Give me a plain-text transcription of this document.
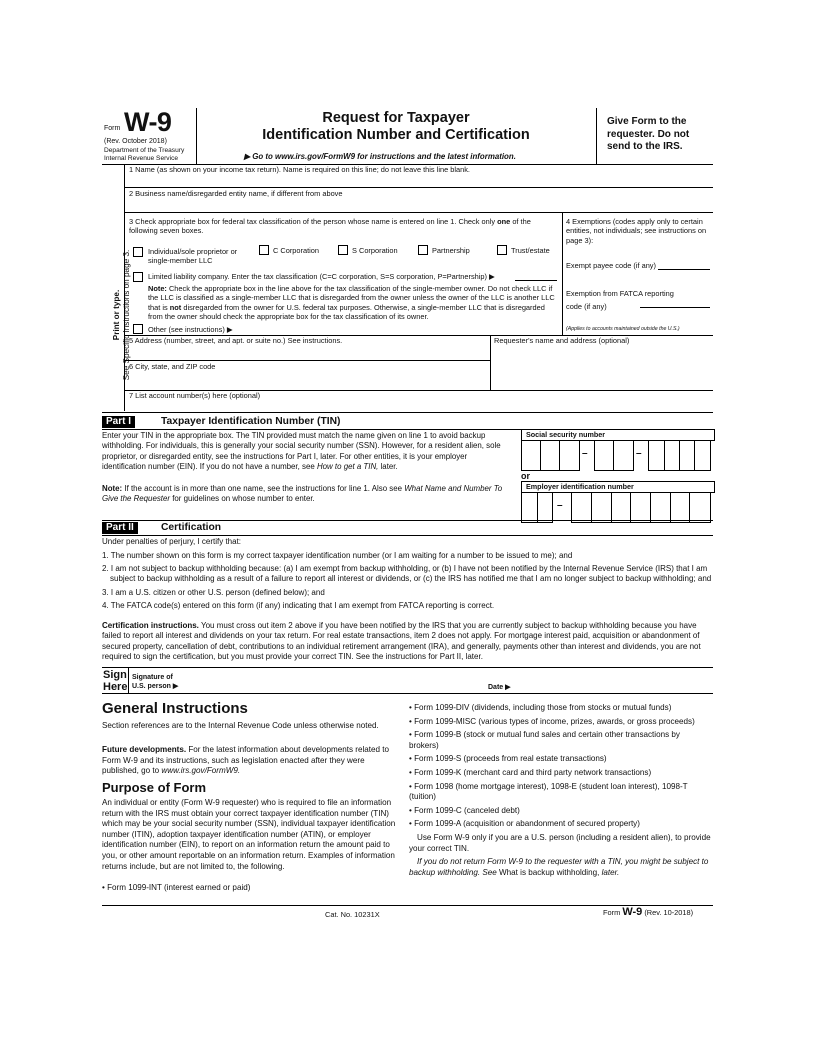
Form W-9
(Rev. October 2018)
Department of the Treasury
Internal Revenue Service
Request for Taxpayer
Identification Number and Certification
▶ Go to www.irs.gov/FormW9 for instructions and the latest information.
Give Form to the requester. Do not send to the IRS.
Print or type. See Specific Instructions on page 3.
1 Name (as shown on your income tax return). Name is required on this line; do not leave this line blank.
2 Business name/disregarded entity name, if different from above
3 Check appropriate box for federal tax classification of the person whose name is entered on line 1. Check only one of the following seven boxes.
Individual/sole proprietor or single-member LLC
C Corporation	S Corporation	Partnership	Trust/estate
Limited liability company. Enter the tax classification (C=C corporation, S=S corporation, P=Partnership) ▶
Note: Check the appropriate box in the line above for the tax classification of the single-member owner. Do not check LLC if the LLC is classified as a single-member LLC that is disregarded from the owner unless the owner of the LLC is another LLC that is not disregarded from the owner for U.S. federal tax purposes. Otherwise, a single-member LLC that is disregarded from the owner should check the appropriate box for the tax classification of its owner.
Other (see instructions) ▶
4 Exemptions (codes apply only to certain entities, not individuals; see instructions on page 3):
Exempt payee code (if any)
Exemption from FATCA reporting code (if any)
(Applies to accounts maintained outside the U.S.)
5 Address (number, street, and apt. or suite no.) See instructions.	Requester's name and address (optional)
6 City, state, and ZIP code
7 List account number(s) here (optional)
Part I	Taxpayer Identification Number (TIN)
Enter your TIN in the appropriate box. The TIN provided must match the name given on line 1 to avoid backup withholding. For individuals, this is generally your social security number (SSN). However, for a resident alien, sole proprietor, or disregarded entity, see the instructions for Part I, later. For other entities, it is your employer identification number (EIN). If you do not have a number, see How to get a TIN, later.
Note: If the account is in more than one name, see the instructions for line 1. Also see What Name and Number To Give the Requester for guidelines on whose number to enter.
Social security number
–	–
or
Employer identification number
–
Part II	Certification
Under penalties of perjury, I certify that:

1. The number shown on this form is my correct taxpayer identification number (or I am waiting for a number to be issued to me); and

2. I am not subject to backup withholding because: (a) I am exempt from backup withholding, or (b) I have not been notified by the Internal Revenue Service (IRS) that I am subject to backup withholding as a result of a failure to report all interest or dividends, or (c) the IRS has notified me that I am no longer subject to backup withholding; and

3. I am a U.S. citizen or other U.S. person (defined below); and

4. The FATCA code(s) entered on this form (if any) indicating that I am exempt from FATCA reporting is correct.

Certification instructions. You must cross out item 2 above if you have been notified by the IRS that you are currently subject to backup withholding because you have failed to report all interest and dividends on your tax return. For real estate transactions, item 2 does not apply. For mortgage interest paid, acquisition or abandonment of secured property, cancellation of debt, contributions to an individual retirement arrangement (IRA), and generally, payments other than interest and dividends, you are not required to sign the certification, but you must provide your correct TIN. See the instructions for Part II, later.
Sign
Here
Signature of
U.S. person ▶	Date ▶
General Instructions
Section references are to the Internal Revenue Code unless otherwise noted.
Future developments. For the latest information about developments related to Form W-9 and its instructions, such as legislation enacted after they were published, go to www.irs.gov/FormW9.
Purpose of Form
An individual or entity (Form W-9 requester) who is required to file an information return with the IRS must obtain your correct taxpayer identification number (TIN) which may be your social security number (SSN), individual taxpayer identification number (ITIN), adoption taxpayer identification number (ATIN), or employer identification number (EIN), to report on an information return the amount paid to you, or other amount reportable on an information return. Examples of information returns include, but are not limited to, the following.
• Form 1099-INT (interest earned or paid)

• Form 1099-DIV (dividends, including those from stocks or mutual funds)

• Form 1099-MISC (various types of income, prizes, awards, or gross proceeds)

• Form 1099-B (stock or mutual fund sales and certain other transactions by brokers)

• Form 1099-S (proceeds from real estate transactions)

• Form 1099-K (merchant card and third party network transactions)

• Form 1098 (home mortgage interest), 1098-E (student loan interest), 1098-T (tuition)

• Form 1099-C (canceled debt)

• Form 1099-A (acquisition or abandonment of secured property)

Use Form W-9 only if you are a U.S. person (including a resident alien), to provide your correct TIN.

If you do not return Form W-9 to the requester with a TIN, you might be subject to backup withholding. See What is backup withholding, later.

Cat. No. 10231X	Form W-9 (Rev. 10-2018)
